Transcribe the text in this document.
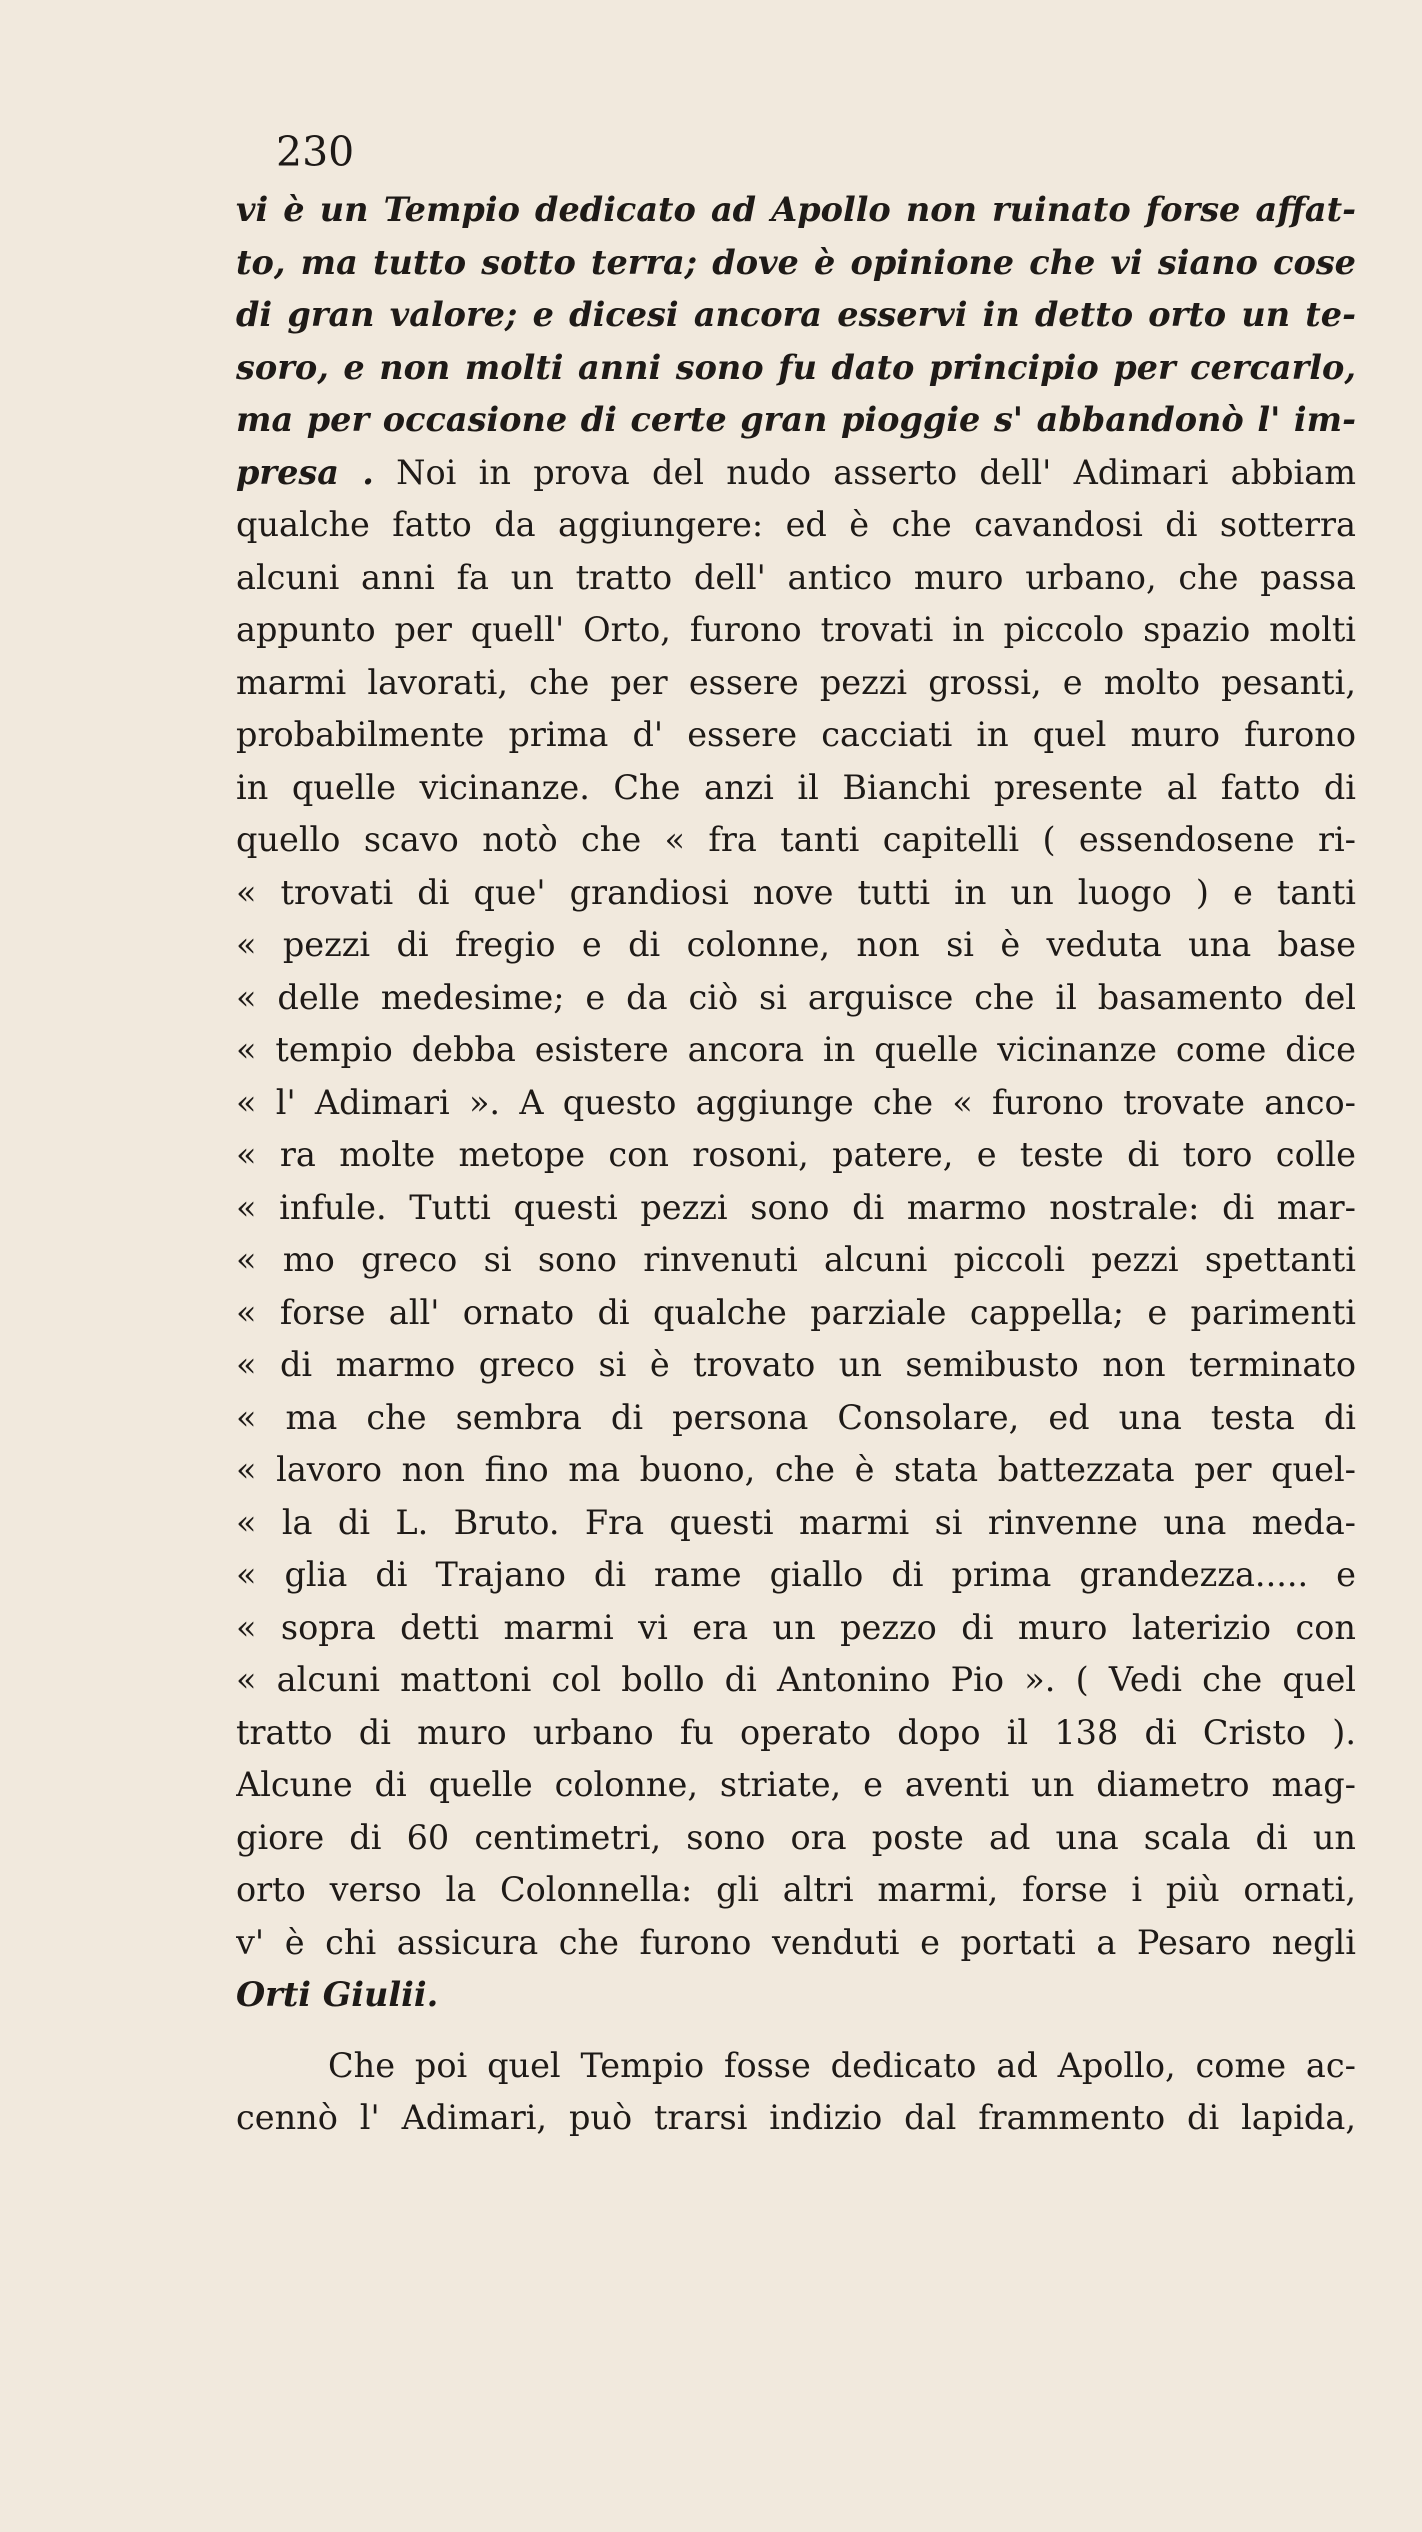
230
vi è un Tempio dedicato ad Apollo non ruinato forse affat-
to, ma tutto sotto terra; dove è opinione che vi siano cose
di gran valore; e dicesi ancora esservi in detto orto un te-
soro, e non molti anni sono fu dato principio per cercarlo,
ma per occasione di certe gran pioggie s' abbandonò l' im-
presa . Noi in prova del nudo asserto dell' Adimari abbiam
qualche fatto da aggiungere: ed è che cavandosi di sotterra
alcuni anni fa un tratto dell' antico muro urbano, che passa
appunto per quell' Orto, furono trovati in piccolo spazio molti
marmi lavorati, che per essere pezzi grossi, e molto pesanti,
probabilmente prima d' essere cacciati in quel muro furono
in quelle vicinanze. Che anzi il Bianchi presente al fatto di
quello scavo notò che « fra tanti capitelli ( essendosene ri-
« trovati di que' grandiosi nove tutti in un luogo ) e tanti
« pezzi di fregio e di colonne, non si è veduta una base
« delle medesime; e da ciò si arguisce che il basamento del
« tempio debba esistere ancora in quelle vicinanze come dice
« l' Adimari ». A questo aggiunge che « furono trovate anco-
« ra molte metope con rosoni, patere, e teste di toro colle
« infule. Tutti questi pezzi sono di marmo nostrale: di mar-
« mo greco si sono rinvenuti alcuni piccoli pezzi spettanti
« forse all' ornato di qualche parziale cappella; e parimenti
« di marmo greco si è trovato un semibusto non terminato
« ma che sembra di persona Consolare, ed una testa di
« lavoro non fino ma buono, che è stata battezzata per quel-
« la di L. Bruto. Fra questi marmi si rinvenne una meda-
« glia di Trajano di rame giallo di prima grandezza..... e
« sopra detti marmi vi era un pezzo di muro laterizio con
« alcuni mattoni col bollo di Antonino Pio ». ( Vedi che quel
tratto di muro urbano fu operato dopo il 138 di Cristo ).
Alcune di quelle colonne, striate, e aventi un diametro mag-
giore di 60 centimetri, sono ora poste ad una scala di un
orto verso la Colonnella: gli altri marmi, forse i più ornati,
v' è chi assicura che furono venduti e portati a Pesaro negli
Orti Giulii.
Che poi quel Tempio fosse dedicato ad Apollo, come ac-
cennò l' Adimari, può trarsi indizio dal frammento di lapida,
